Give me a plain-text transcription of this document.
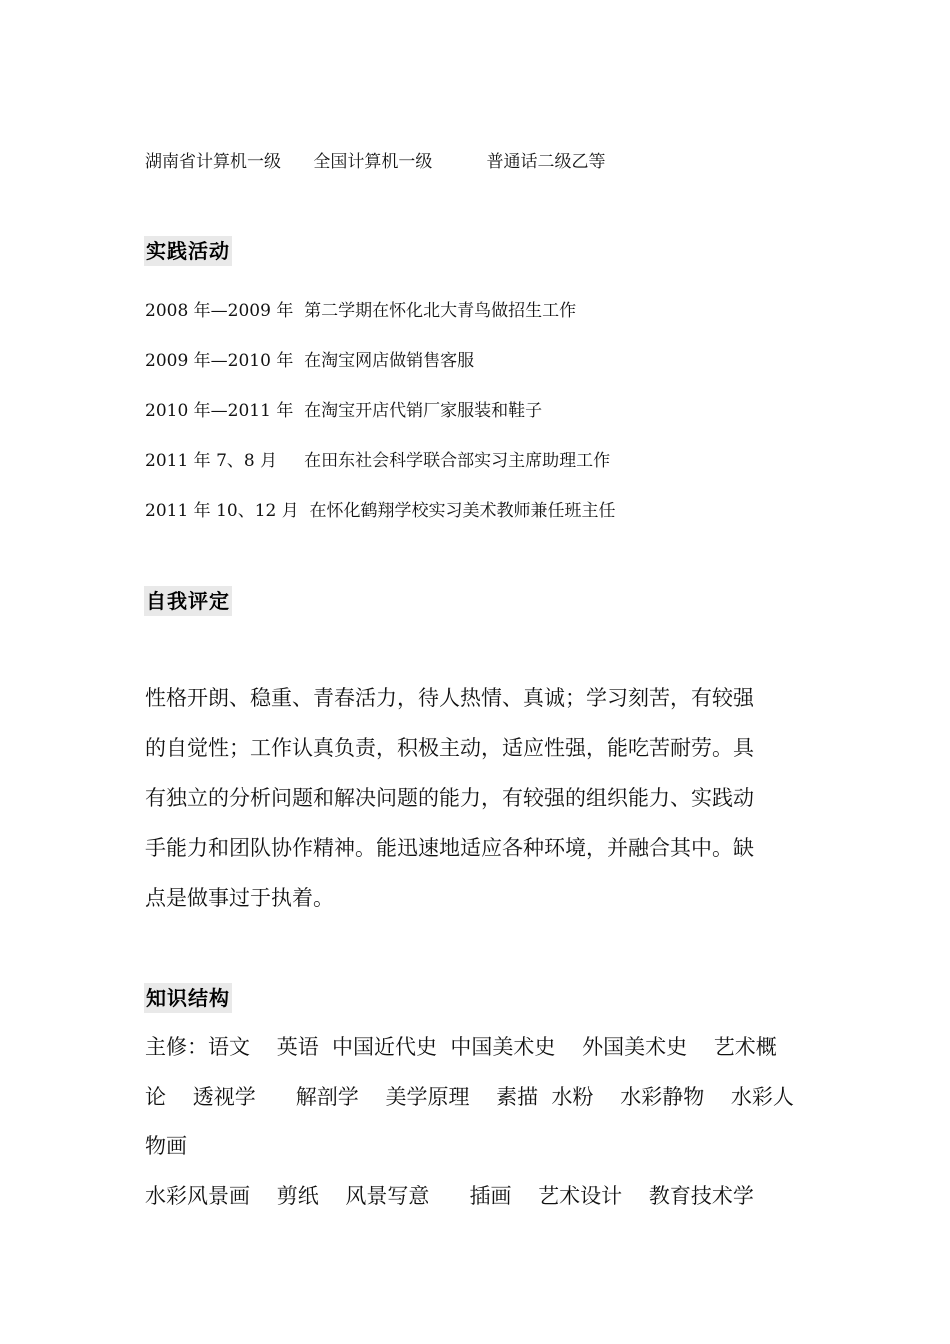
湖南省计算机一级      全国计算机一级          普通话二级乙等
实践活动
2008 年—2009 年  第二学期在怀化北大青鸟做招生工作
2009 年—2010 年  在淘宝网店做销售客服
2010 年—2011 年  在淘宝开店代销厂家服装和鞋子
2011 年 7、8 月     在田东社会科学联合部实习主席助理工作
2011 年 10、12 月  在怀化鹤翔学校实习美术教师兼任班主任
自我评定
性格开朗、稳重、青春活力，待人热情、真诚；学习刻苦，有较强
的自觉性；工作认真负责，积极主动，适应性强，能吃苦耐劳。具
有独立的分析问题和解决问题的能力，有较强的组织能力、实践动
手能力和团队协作精神。能迅速地适应各种环境，并融合其中。缺
点是做事过于执着。
知识结构
主修：语文    英语  中国近代史  中国美术史    外国美术史    艺术概
论    透视学      解剖学    美学原理    素描  水粉    水彩静物    水彩人
物画
水彩风景画    剪纸    风景写意      插画    艺术设计    教育技术学
